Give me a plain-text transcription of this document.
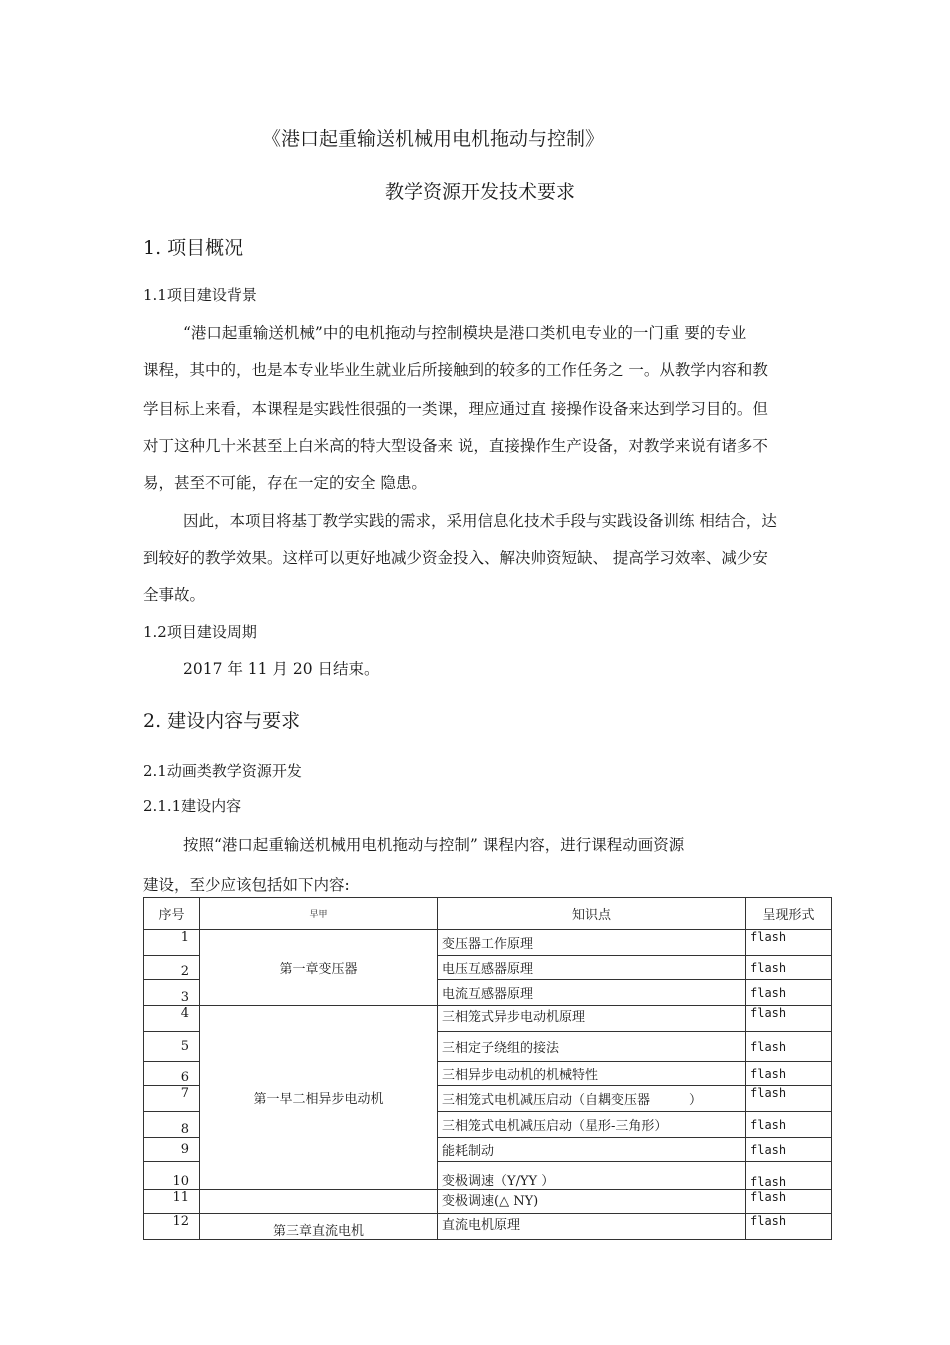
《港口起重输送机械用电机拖动与控制》
教学资源开发技术要求
1. 项目概况
1.1项目建设背景
“港口起重输送机械”中的电机拖动与控制模块是港口类机电专业的一门重 要的专业
课程，其中的，也是本专业毕业生就业后所接触到的较多的工作任务之 一。从教学内容和教
学目标上来看，本课程是实践性很强的一类课，理应通过直 接操作设备来达到学习目的。但
对丁这种几十米甚至上白米高的特大型设备来 说，直接操作生产设备，对教学来说有诸多不
易，甚至不可能，存在一定的安全 隐患。
因此，本项目将基丁教学实践的需求，采用信息化技术手段与实践设备训练 相结合，达
到较好的教学效果。这样可以更好地减少资金投入、解决帅资短缺、 提高学习效率、减少安
全事故。
1.2项目建设周期
2017 年 11 月 20 日结束。
2. 建设内容与要求
2.1动画类教学资源开发
2.1.1建设内容
按照“港口起重输送机械用电机拖动与控制” 课程内容，进行课程动画资源
建设，至少应该包括如下内容:
序号	早甲	知识点	呈现形式
1	第一章变压器	变压器工作原理	flash
2		电压互感器原理	flash
3		电流互感器原理	flash
4	第一早二相异步电动机	三相笼式异步电动机原理	flash
5		三相定子绕组的接法	flash
6		三相异步电动机的机械特性	flash
7		三相笼式电机减压启动（自耦变压器　　　）	flash
8		三相笼式电机减压启动（星形-三角形）	flash
9		能耗制动	flash
10		变极调速（Y/YY ）	flash
11		变极调速(△ NY)	flash
12	第三章直流电机	直流电机原理	flash
